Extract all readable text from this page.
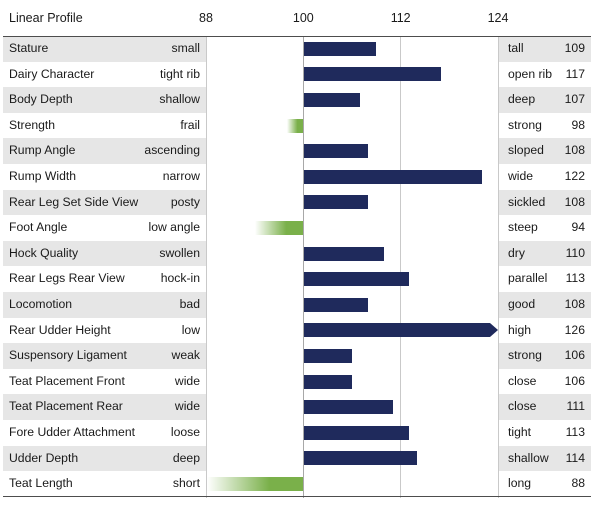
Linear Profile	88	100	112	124
Stature	small	tall	109
Dairy Character	tight rib	open rib 117
Body Depth	shallow	deep 107
Strength	frail	strong 98
Rump Angle	ascending	sloped 108
Rump Width	narrow	wide	122
Rear Leg Set Side View	posty	sickled 108
Foot Angle	low angle	steep	94
Hock Quality	swollen	dry	110
Rear Legs Rear View	hock-in	parallel 113
Locomotion	bad	good 108
Rear Udder Height	low	high	126
Suspensory Ligament	weak	strong 106
Teat Placement Front	wide	close 106
Teat Placement Rear	wide	close 111
Fore Udder Attachment	loose	tight	113
Udder Depth	deep	shallow 114
Teat Length	short	long	88
